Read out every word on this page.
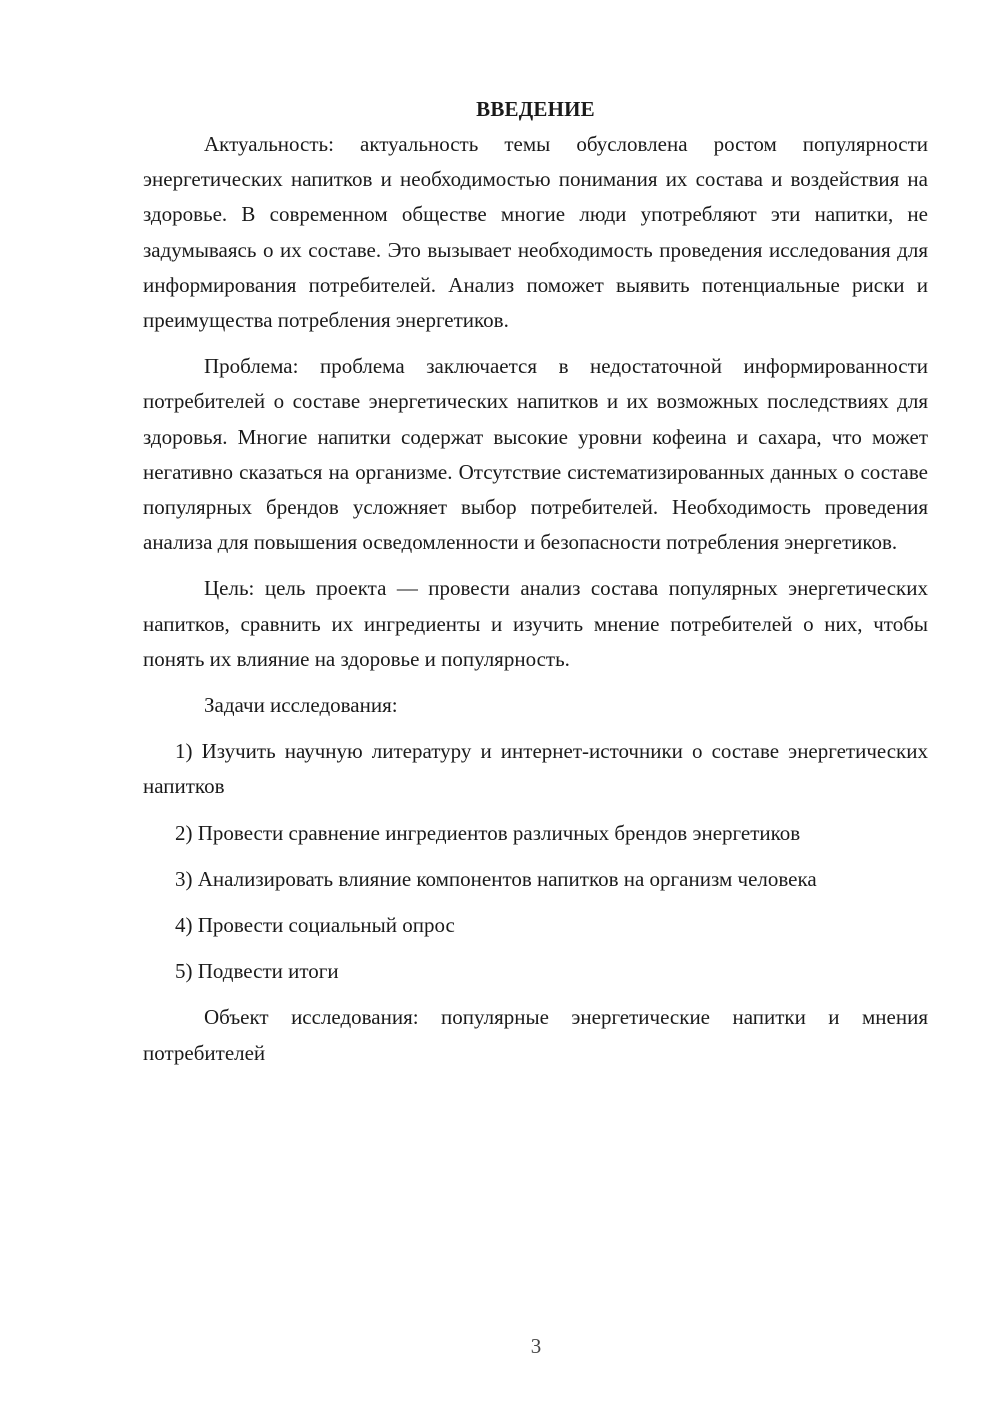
ВВЕДЕНИЕ

Актуальность: актуальность темы обусловлена ростом популярности энергетических напитков и необходимостью понимания их состава и воздействия на здоровье. В современном обществе многие люди употребляют эти напитки, не задумываясь о их составе. Это вызывает необходимость проведения исследования для информирования потребителей. Анализ поможет выявить потенциальные риски и преимущества потребления энергетиков.

Проблема: проблема заключается в недостаточной информированности потребителей о составе энергетических напитков и их возможных последствиях для здоровья. Многие напитки содержат высокие уровни кофеина и сахара, что может негативно сказаться на организме. Отсутствие систематизированных данных о составе популярных брендов усложняет выбор потребителей. Необходимость проведения анализа для повышения осведомленности и безопасности потребления энергетиков.

Цель: цель проекта — провести анализ состава популярных энергетических напитков, сравнить их ингредиенты и изучить мнение потребителей о них, чтобы понять их влияние на здоровье и популярность.

Задачи исследования:

1) Изучить научную литературу и интернет-источники о составе энергетических напитков

2) Провести сравнение ингредиентов различных брендов энергетиков

3) Анализировать влияние компонентов напитков на организм человека

4) Провести социальный опрос

5) Подвести итоги

Объект исследования: популярные энергетические напитки и мнения потребителей

3
